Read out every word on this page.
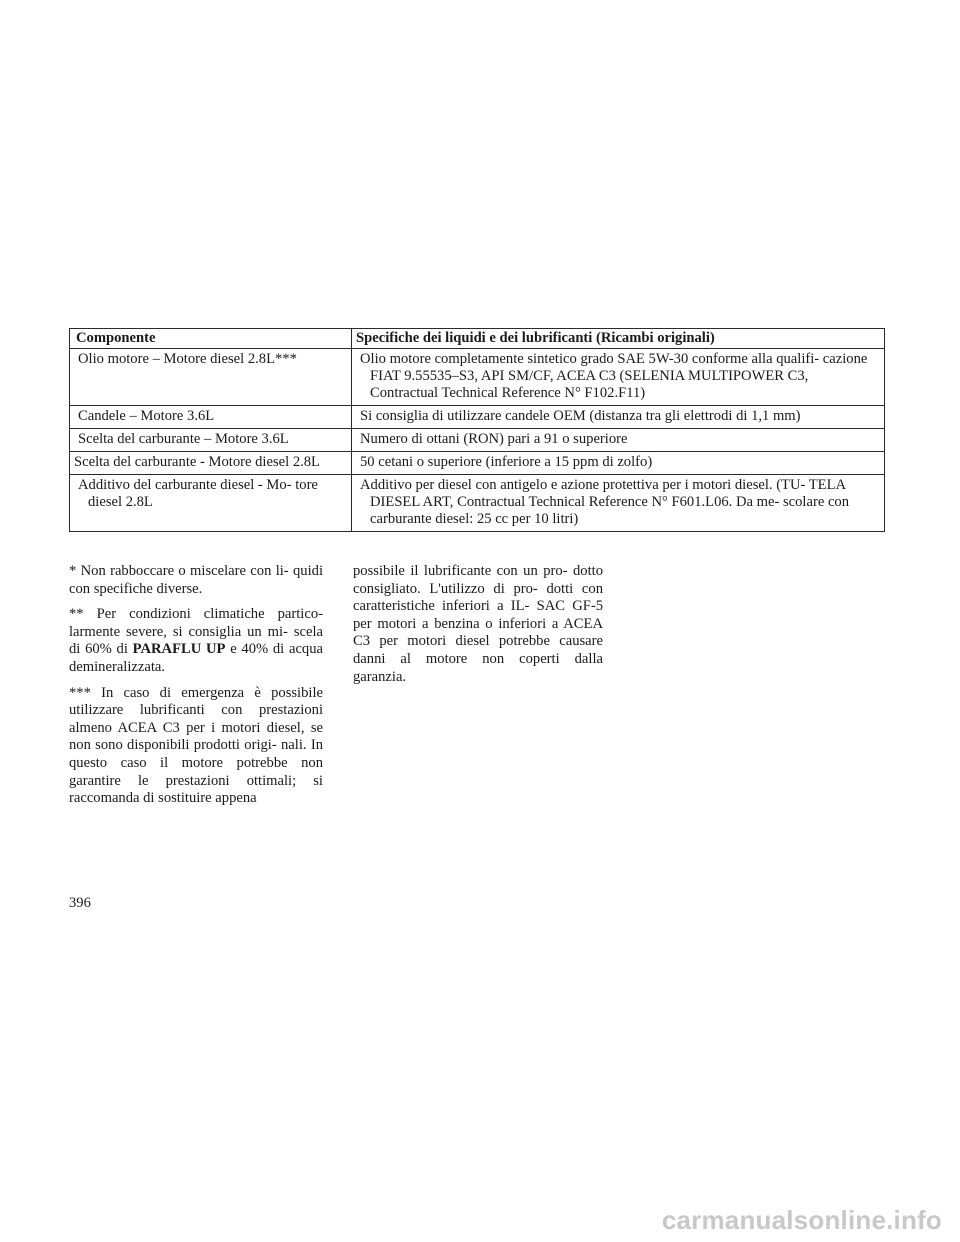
Componente	Specifiche dei liquidi e dei lubrificanti (Ricambi originali)

Olio motore – Motore diesel 2.8L***	Olio motore completamente sintetico grado SAE 5W-30 conforme alla qualifi- cazione FIAT 9.55535–S3, API SM/CF, ACEA C3 (SELENIA MULTIPOWER C3, Contractual Technical Reference N° F102.F11)

Candele – Motore 3.6L	Si consiglia di utilizzare candele OEM (distanza tra gli elettrodi di 1,1 mm)

Scelta del carburante – Motore 3.6L	Numero di ottani (RON) pari a 91 o superiore

Scelta del carburante - Motore diesel 2.8L	50 cetani o superiore (inferiore a 15 ppm di zolfo)

Additivo del carburante diesel - Mo- tore diesel 2.8L	Additivo per diesel con antigelo e azione protettiva per i motori diesel. (TU- TELA DIESEL ART, Contractual Technical Reference N° F601.L06. Da me- scolare con carburante diesel: 25 cc per 10 litri)

* Non rabboccare o miscelare con li- quidi con specifiche diverse.

** Per condizioni climatiche partico- larmente severe, si consiglia un mi- scela di 60% di PARAFLU UP e 40% di acqua demineralizzata.

*** In caso di emergenza è possibile utilizzare lubrificanti con prestazioni almeno ACEA C3 per i motori diesel, se non sono disponibili prodotti origi- nali. In questo caso il motore potrebbe non garantire le prestazioni ottimali; si raccomanda di sostituire appena

possibile il lubrificante con un pro- dotto consigliato. L'utilizzo di pro- dotti con caratteristiche inferiori a IL- SAC GF-5 per motori a benzina o inferiori a ACEA C3 per motori diesel potrebbe causare danni al motore non coperti dalla garanzia.

396
carmanualsonline.info
